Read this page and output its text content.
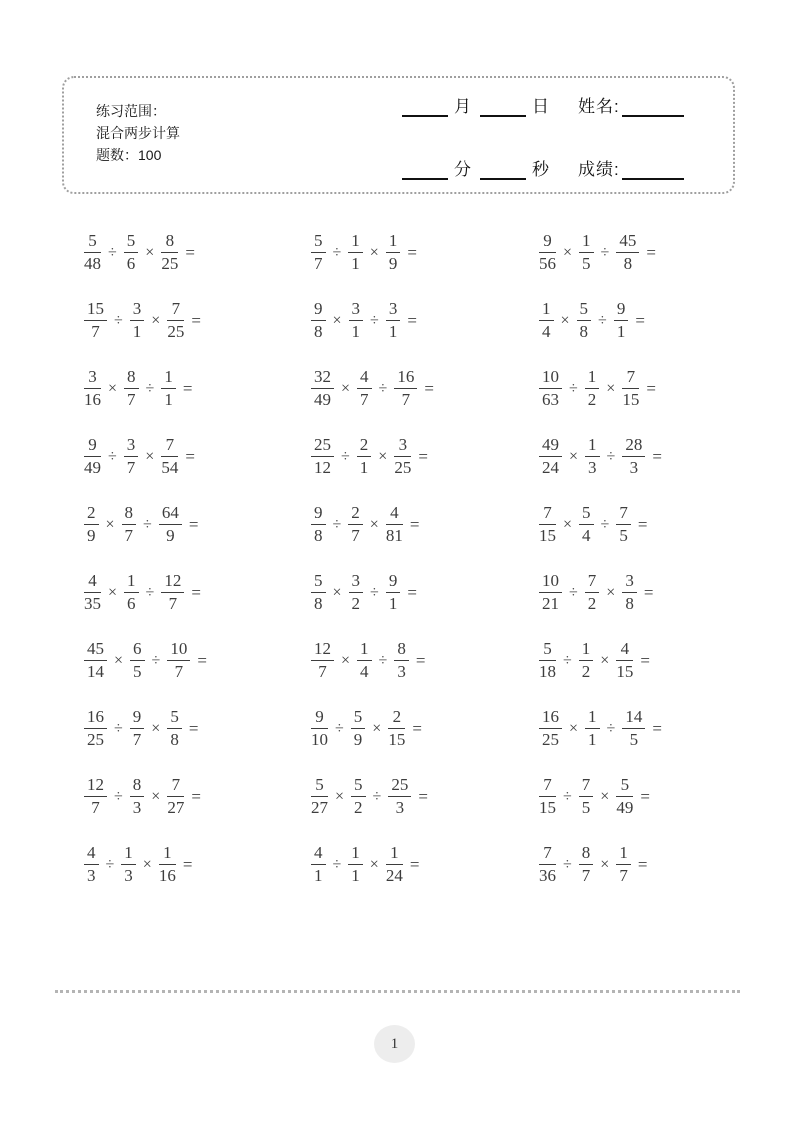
练习范围：
混合两步计算
题数：100
月	日 姓名:
分	秒 成绩:
$\frac{5}{48} \div \frac{5}{6} \times \frac{8}{25}$ =	$\frac{5}{7} \div \frac{1}{1} \times \frac{1}{9}$ =	$\frac{9}{56} \times \frac{1}{5} \div \frac{45}{8}$ =
$\frac{15}{7} \div \frac{3}{1} \times \frac{7}{25}$ =	$\frac{9}{8} \times \frac{3}{1} \div \frac{3}{1}$ =	$\frac{1}{4} \times \frac{5}{8} \div \frac{9}{1}$ =
$\frac{3}{16} \times \frac{8}{7} \div \frac{1}{1}$ =	$\frac{32}{49} \times \frac{4}{7} \div \frac{16}{7}$ =	$\frac{10}{63} \div \frac{1}{2} \times \frac{7}{15}$ =
$\frac{9}{49} \div \frac{3}{7} \times \frac{7}{54}$ =	$\frac{25}{12} \div \frac{2}{1} \times \frac{3}{25}$ =	$\frac{49}{24} \times \frac{1}{3} \div \frac{28}{3}$ =
$\frac{2}{9} \times \frac{8}{7} \div \frac{64}{9}$ =	$\frac{9}{8} \div \frac{2}{7} \times \frac{4}{81}$ =	$\frac{7}{15} \times \frac{5}{4} \div \frac{7}{5}$ =
$\frac{4}{35} \times \frac{1}{6} \div \frac{12}{7}$ =	$\frac{5}{8} \times \frac{3}{2} \div \frac{9}{1}$ =	$\frac{10}{21} \div \frac{7}{2} \times \frac{3}{8}$ =
$\frac{45}{14} \times \frac{6}{5} \div \frac{10}{7}$ =	$\frac{12}{7} \times \frac{1}{4} \div \frac{8}{3}$ =	$\frac{5}{18} \div \frac{1}{2} \times \frac{4}{15}$ =
$\frac{16}{25} \div \frac{9}{7} \times \frac{5}{8}$ =	$\frac{9}{10} \div \frac{5}{9} \times \frac{2}{15}$ =	$\frac{16}{25} \times \frac{1}{1} \div \frac{14}{5}$ =
$\frac{12}{7} \div \frac{8}{3} \times \frac{7}{27}$ =	$\frac{5}{27} \times \frac{5}{2} \div \frac{25}{3}$ =	$\frac{7}{15} \div \frac{7}{5} \times \frac{5}{49}$ =
$\frac{4}{3} \div \frac{1}{3} \times \frac{1}{16}$ =	$\frac{4}{1} \div \frac{1}{1} \times \frac{1}{24}$ =	$\frac{7}{36} \div \frac{8}{7} \times \frac{1}{7}$ =
1
